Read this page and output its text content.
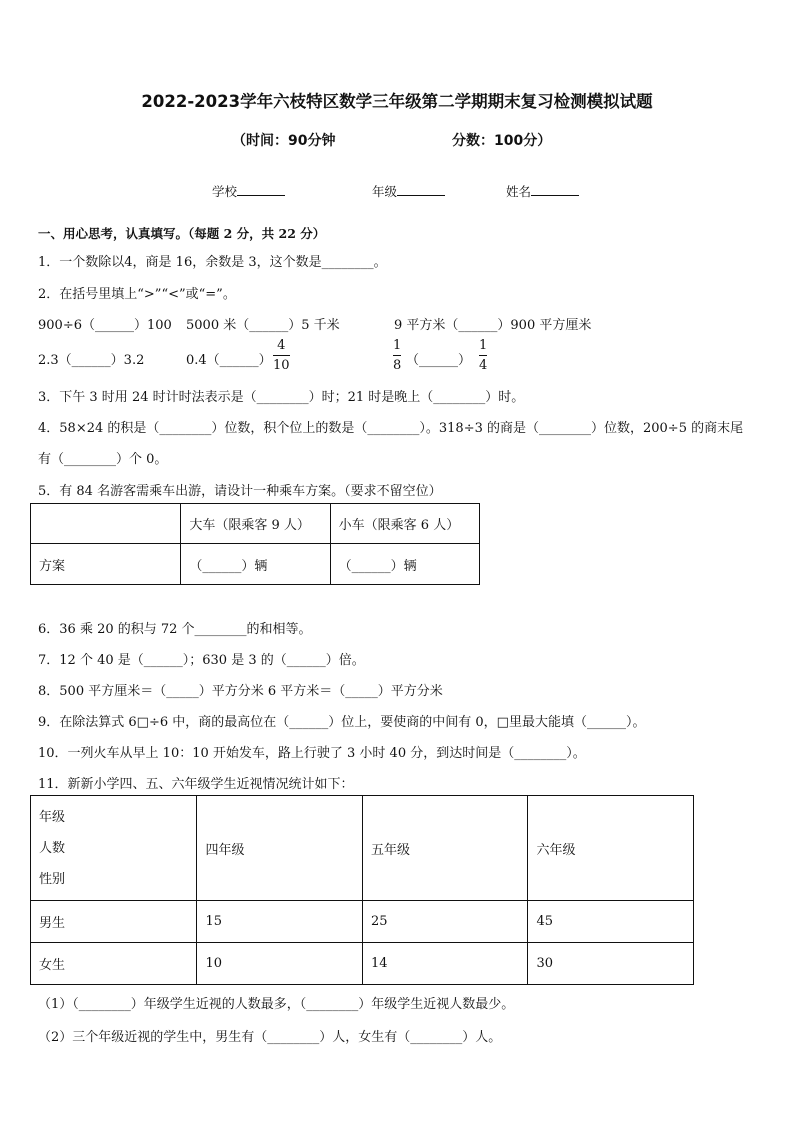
2022-2023学年六枝特区数学三年级第二学期期末复习检测模拟试题
（时间：90分钟	分数：100分）
学校	年级	姓名
一、用心思考，认真填写。（每题 2 分，共 22 分）
1．一个数除以4，商是 16，余数是 3，这个数是________。
2．在括号里填上“>”“<”或“=”。
900÷6（______）100 5000 米（______）5 千米	9 平方米（______）900 平方厘米
2.3（______）3.2	0.4（______）
4
10
1
8 （______）
1
4
3．下午 3 时用 24 时计时法表示是（________）时；21 时是晚上（________）时。
4．58×24 的积是（________）位数，积个位上的数是（________）。318÷3 的商是（________）位数，200÷5 的商末尾
有（________）个 0。
5．有 84 名游客需乘车出游，请设计一种乘车方案。（要求不留空位）
	大车（限乘客 9 人）	小车（限乘客 6 人）
方案	（______）辆	（______）辆
6．36 乘 20 的积与 72 个________的和相等。
7．12 个 40 是（______）；630 是 3 的（______）倍。
8．500 平方厘米＝（_____）平方分米 6 平方米＝（_____）平方分米
9．在除法算式 6□÷6 中，商的最高位在（______）位上，要使商的中间有 0，□里最大能填（______）。
10．一列火车从早上 10：10 开始发车，路上行驶了 3 小时 40 分，到达时间是（________）。
11．新新小学四、五、六年级学生近视情况统计如下：
年级
人数
性别	四年级	五年级	六年级
男生	15	25	45
女生	10	14	30
（1）（________）年级学生近视的人数最多，（________）年级学生近视人数最少。
（2）三个年级近视的学生中，男生有（________）人，女生有（________）人。
